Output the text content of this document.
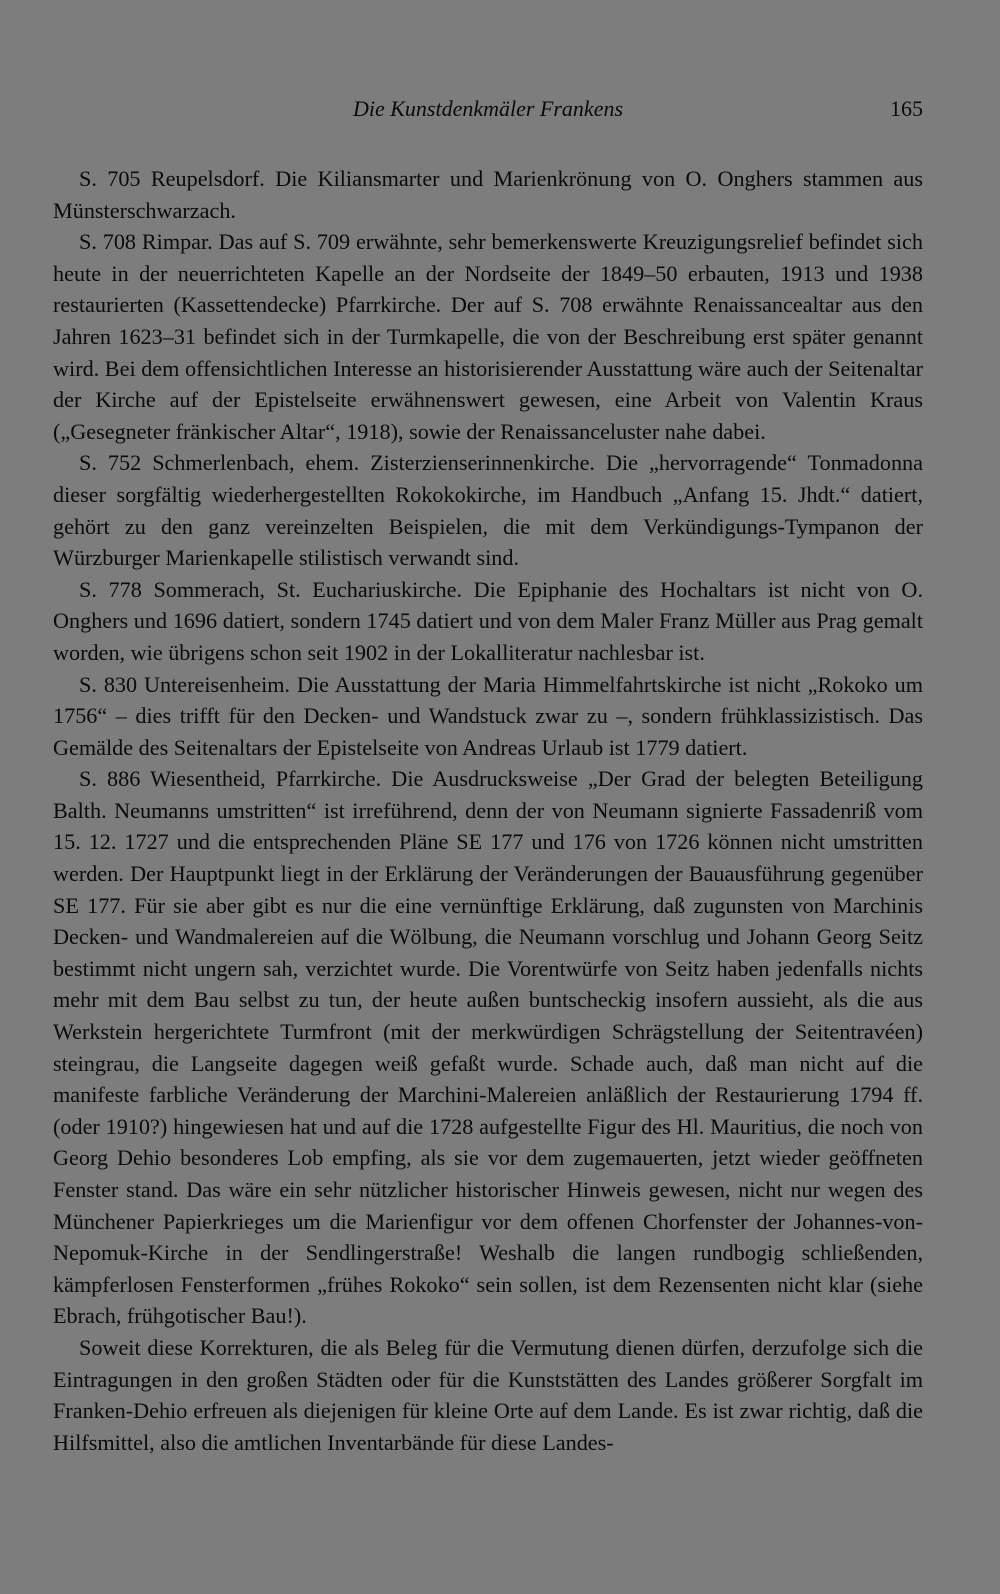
Die Kunstdenkmäler Frankens	165

S. 705 Reupelsdorf. Die Kiliansmarter und Marienkrönung von O. Onghers stammen aus Münsterschwarzach.

S. 708 Rimpar. Das auf S. 709 erwähnte, sehr bemerkenswerte Kreuzigungsrelief befindet sich heute in der neuerrichteten Kapelle an der Nordseite der 1849–50 erbauten, 1913 und 1938 restaurierten (Kassettendecke) Pfarrkirche. Der auf S. 708 erwähnte Renaissancealtar aus den Jahren 1623–31 befindet sich in der Turmkapelle, die von der Beschreibung erst später genannt wird. Bei dem offensichtlichen Interesse an historisierender Ausstattung wäre auch der Seitenaltar der Kirche auf der Epistelseite erwähnenswert gewesen, eine Arbeit von Valentin Kraus („Gesegneter fränkischer Altar“, 1918), sowie der Renaissanceluster nahe dabei.

S. 752 Schmerlenbach, ehem. Zisterzienserinnenkirche. Die „hervorragende“ Tonmadonna dieser sorgfältig wiederhergestellten Rokokokirche, im Handbuch „Anfang 15. Jhdt.“ datiert, gehört zu den ganz vereinzelten Beispielen, die mit dem Verkündigungs-Tympanon der Würzburger Marienkapelle stilistisch verwandt sind.

S. 778 Sommerach, St. Euchariuskirche. Die Epiphanie des Hochaltars ist nicht von O. Onghers und 1696 datiert, sondern 1745 datiert und von dem Maler Franz Müller aus Prag gemalt worden, wie übrigens schon seit 1902 in der Lokalliteratur nachlesbar ist.

S. 830 Untereisenheim. Die Ausstattung der Maria Himmelfahrtskirche ist nicht „Rokoko um 1756“ – dies trifft für den Decken- und Wandstuck zwar zu –, sondern frühklassizistisch. Das Gemälde des Seitenaltars der Epistelseite von Andreas Urlaub ist 1779 datiert.

S. 886 Wiesentheid, Pfarrkirche. Die Ausdrucksweise „Der Grad der belegten Beteiligung Balth. Neumanns umstritten“ ist irreführend, denn der von Neumann signierte Fassadenriß vom 15. 12. 1727 und die entsprechenden Pläne SE 177 und 176 von 1726 können nicht umstritten werden. Der Hauptpunkt liegt in der Erklärung der Veränderungen der Bauausführung gegenüber SE 177. Für sie aber gibt es nur die eine vernünftige Erklärung, daß zugunsten von Marchinis Decken- und Wandmalereien auf die Wölbung, die Neumann vorschlug und Johann Georg Seitz bestimmt nicht ungern sah, verzichtet wurde. Die Vorentwürfe von Seitz haben jedenfalls nichts mehr mit dem Bau selbst zu tun, der heute außen buntscheckig insofern aussieht, als die aus Werkstein hergerichtete Turmfront (mit der merkwürdigen Schrägstellung der Seitentravéen) steingrau, die Langseite dagegen weiß gefaßt wurde. Schade auch, daß man nicht auf die manifeste farbliche Veränderung der Marchini-Malereien anläßlich der Restaurierung 1794 ff. (oder 1910?) hingewiesen hat und auf die 1728 aufgestellte Figur des Hl. Mauritius, die noch von Georg Dehio besonderes Lob empfing, als sie vor dem zugemauerten, jetzt wieder geöffneten Fenster stand. Das wäre ein sehr nützlicher historischer Hinweis gewesen, nicht nur wegen des Münchener Papierkrieges um die Marienfigur vor dem offenen Chorfenster der Johannes-von-Nepomuk-Kirche in der Sendlingerstraße! Weshalb die langen rundbogig schließenden, kämpferlosen Fensterformen „frühes Rokoko“ sein sollen, ist dem Rezensenten nicht klar (siehe Ebrach, frühgotischer Bau!).

Soweit diese Korrekturen, die als Beleg für die Vermutung dienen dürfen, derzufolge sich die Eintragungen in den großen Städten oder für die Kunststätten des Landes größerer Sorgfalt im Franken-Dehio erfreuen als diejenigen für kleine Orte auf dem Lande. Es ist zwar richtig, daß die Hilfsmittel, also die amtlichen Inventarbände für diese Landes-
